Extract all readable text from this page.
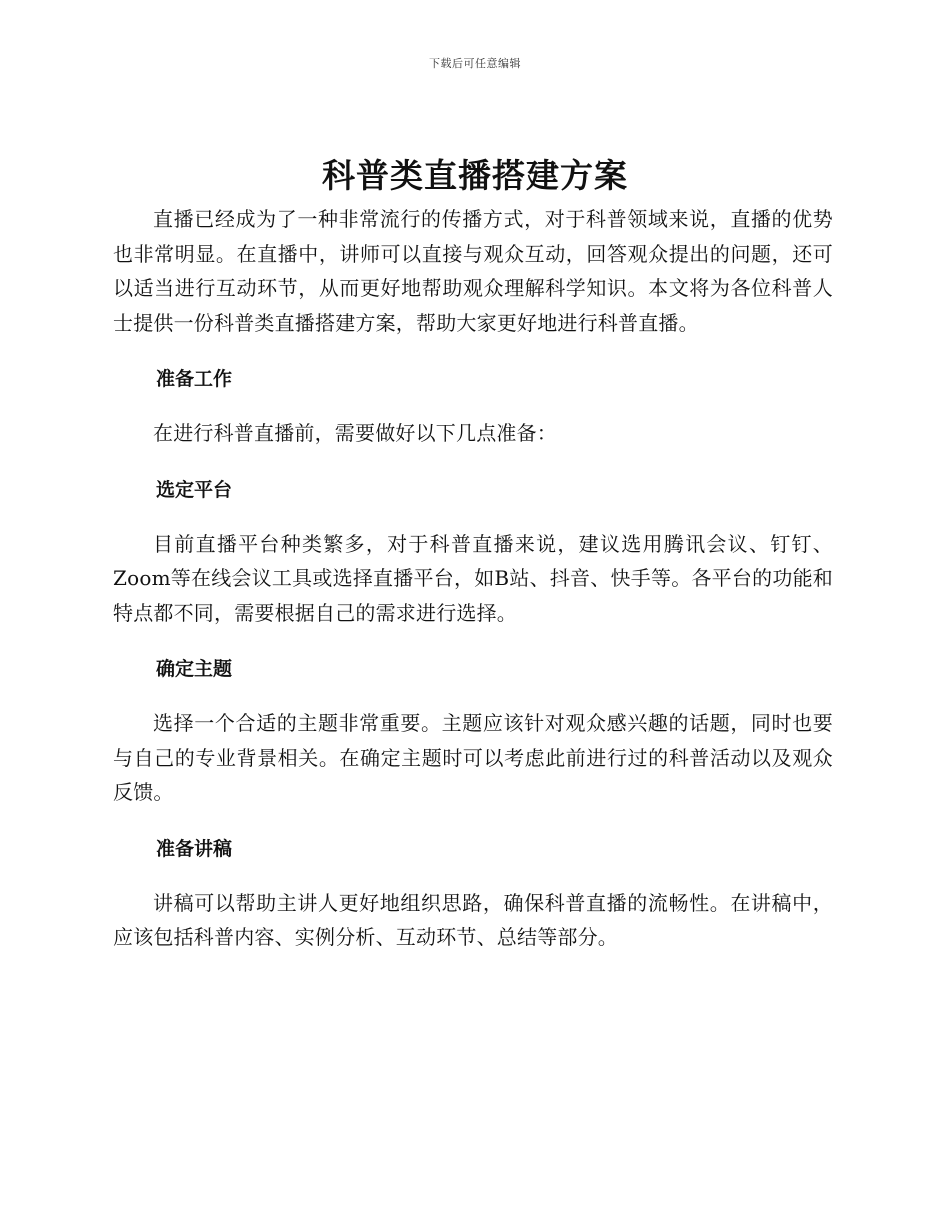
下载后可任意编辑
科普类直播搭建方案

直播已经成为了一种非常流行的传播方式，对于科普领域来说，直播的优势也非常明显。在直播中，讲师可以直接与观众互动，回答观众提出的问题，还可以适当进行互动环节，从而更好地帮助观众理解科学知识。本文将为各位科普人士提供一份科普类直播搭建方案，帮助大家更好地进行科普直播。

准备工作

在进行科普直播前，需要做好以下几点准备：

选定平台

目前直播平台种类繁多，对于科普直播来说，建议选用腾讯会议、钉钉、Zoom等在线会议工具或选择直播平台，如B站、抖音、快手等。各平台的功能和特点都不同，需要根据自己的需求进行选择。

确定主题

选择一个合适的主题非常重要。主题应该针对观众感兴趣的话题，同时也要与自己的专业背景相关。在确定主题时可以考虑此前进行过的科普活动以及观众反馈。

准备讲稿

讲稿可以帮助主讲人更好地组织思路，确保科普直播的流畅性。在讲稿中，应该包括科普内容、实例分析、互动环节、总结等部分。
